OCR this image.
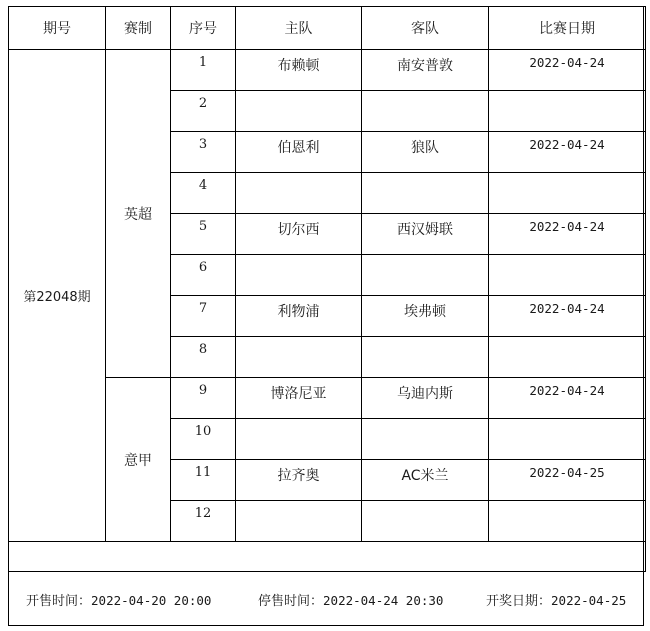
期号	赛制	序号	主队	客队	比赛日期
第22048期	英超	1	布赖顿	南安普敦	2022-04-24
		2			
		3	伯恩利	狼队	2022-04-24
		4			
		5	切尔西	西汉姆联	2022-04-24
		6			
		7	利物浦	埃弗顿	2022-04-24
		8			
	意甲	9	博洛尼亚	乌迪内斯	2022-04-24
		10			
		11	拉齐奥	AC米兰	2022-04-25
		12			

开售时间：2022-04-20 20:00	停售时间：2022-04-24 20:30	开奖日期：2022-04-25
